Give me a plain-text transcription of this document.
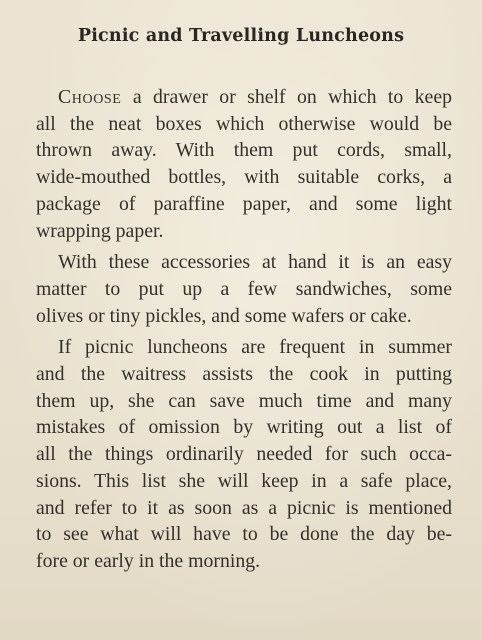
Picnic and Travelling Luncheons

Choose a drawer or shelf on which to keep
all the neat boxes which otherwise would be
thrown away. With them put cords, small,
wide-mouthed bottles, with suitable corks, a
package of paraffine paper, and some light
wrapping paper.

With these accessories at hand it is an easy
matter to put up a few sandwiches, some
olives or tiny pickles, and some wafers or cake.

If picnic luncheons are frequent in summer
and the waitress assists the cook in putting
them up, she can save much time and many
mistakes of omission by writing out a list of
all the things ordinarily needed for such occa-
sions. This list she will keep in a safe place,
and refer to it as soon as a picnic is mentioned
to see what will have to be done the day be-
fore or early in the morning.
